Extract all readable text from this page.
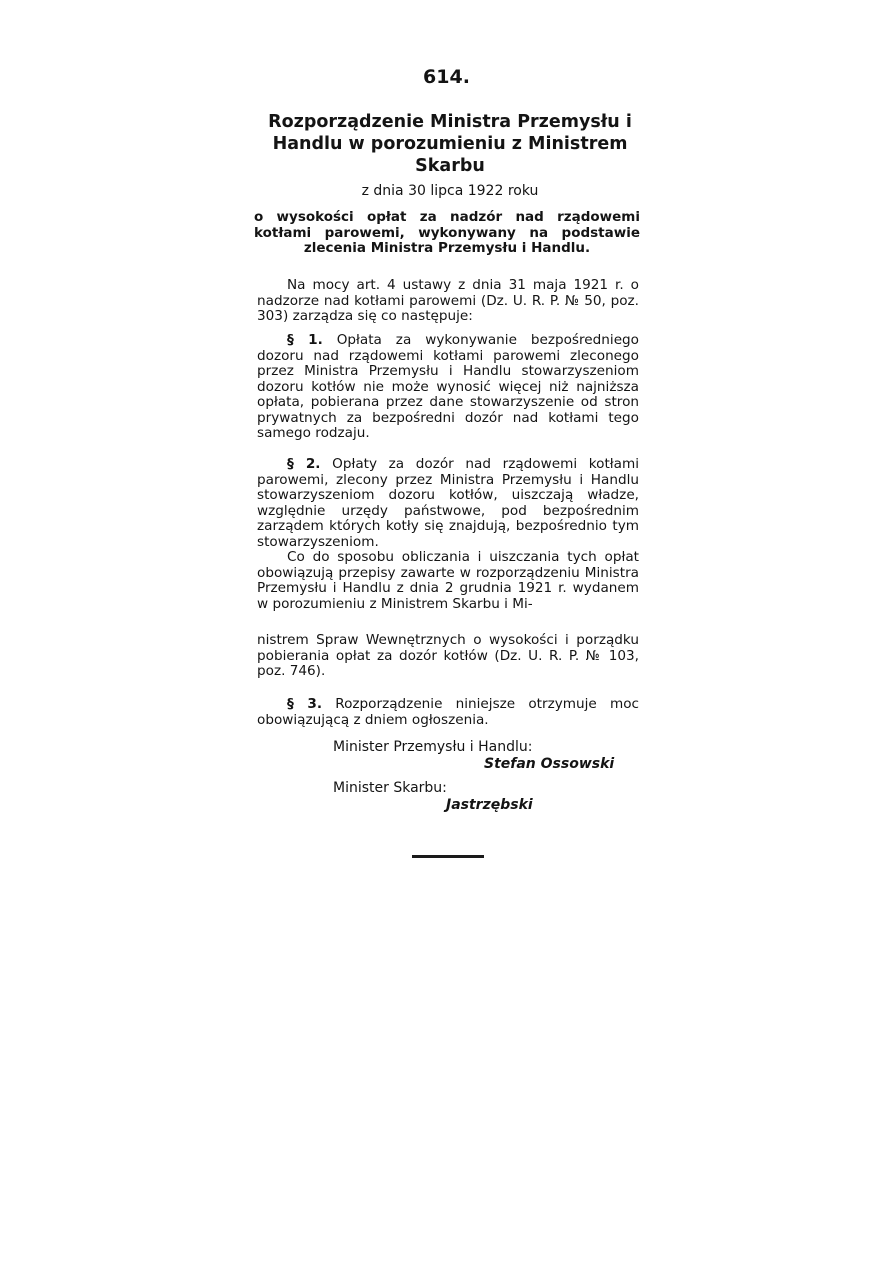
614.
Rozporządzenie Ministra Przemysłu i Handlu w porozumieniu z Ministrem Skarbu
z dnia 30 lipca 1922 roku
o wysokości opłat za nadzór nad rządowemi kotłami parowemi, wykonywany na podstawie zlecenia Ministra Przemysłu i Handlu.

Na mocy art. 4 ustawy z dnia 31 maja 1921 r. o nadzorze nad kotłami parowemi (Dz. U. R. P. № 50, poz. 303) zarządza się co następuje:

§ 1. Opłata za wykonywanie bezpośredniego dozoru nad rządowemi kotłami parowemi zleconego przez Ministra Przemysłu i Handlu stowarzyszeniom dozoru kotłów nie może wynosić więcej niż najniższa opłata, pobierana przez dane stowarzyszenie od stron prywatnych za bezpośredni dozór nad kotłami tego samego rodzaju.

§ 2. Opłaty za dozór nad rządowemi kotłami parowemi, zlecony przez Ministra Przemysłu i Handlu stowarzyszeniom dozoru kotłów, uiszczają władze, względnie urzędy państwowe, pod bezpośrednim zarządem których kotły się znajdują, bezpośrednio tym stowarzyszeniom.

Co do sposobu obliczania i uiszczania tych opłat obowiązują przepisy zawarte w rozporządzeniu Ministra Przemysłu i Handlu z dnia 2 grudnia 1921 r. wydanem w porozumieniu z Ministrem Skarbu i Mi-

nistrem Spraw Wewnętrznych o wysokości i porządku pobierania opłat za dozór kotłów (Dz. U. R. P. № 103, poz. 746).

§ 3. Rozporządzenie niniejsze otrzymuje moc obowiązującą z dniem ogłoszenia.

Minister Przemysłu i Handlu:
Stefan Ossowski
Minister Skarbu:
Jastrzębski
